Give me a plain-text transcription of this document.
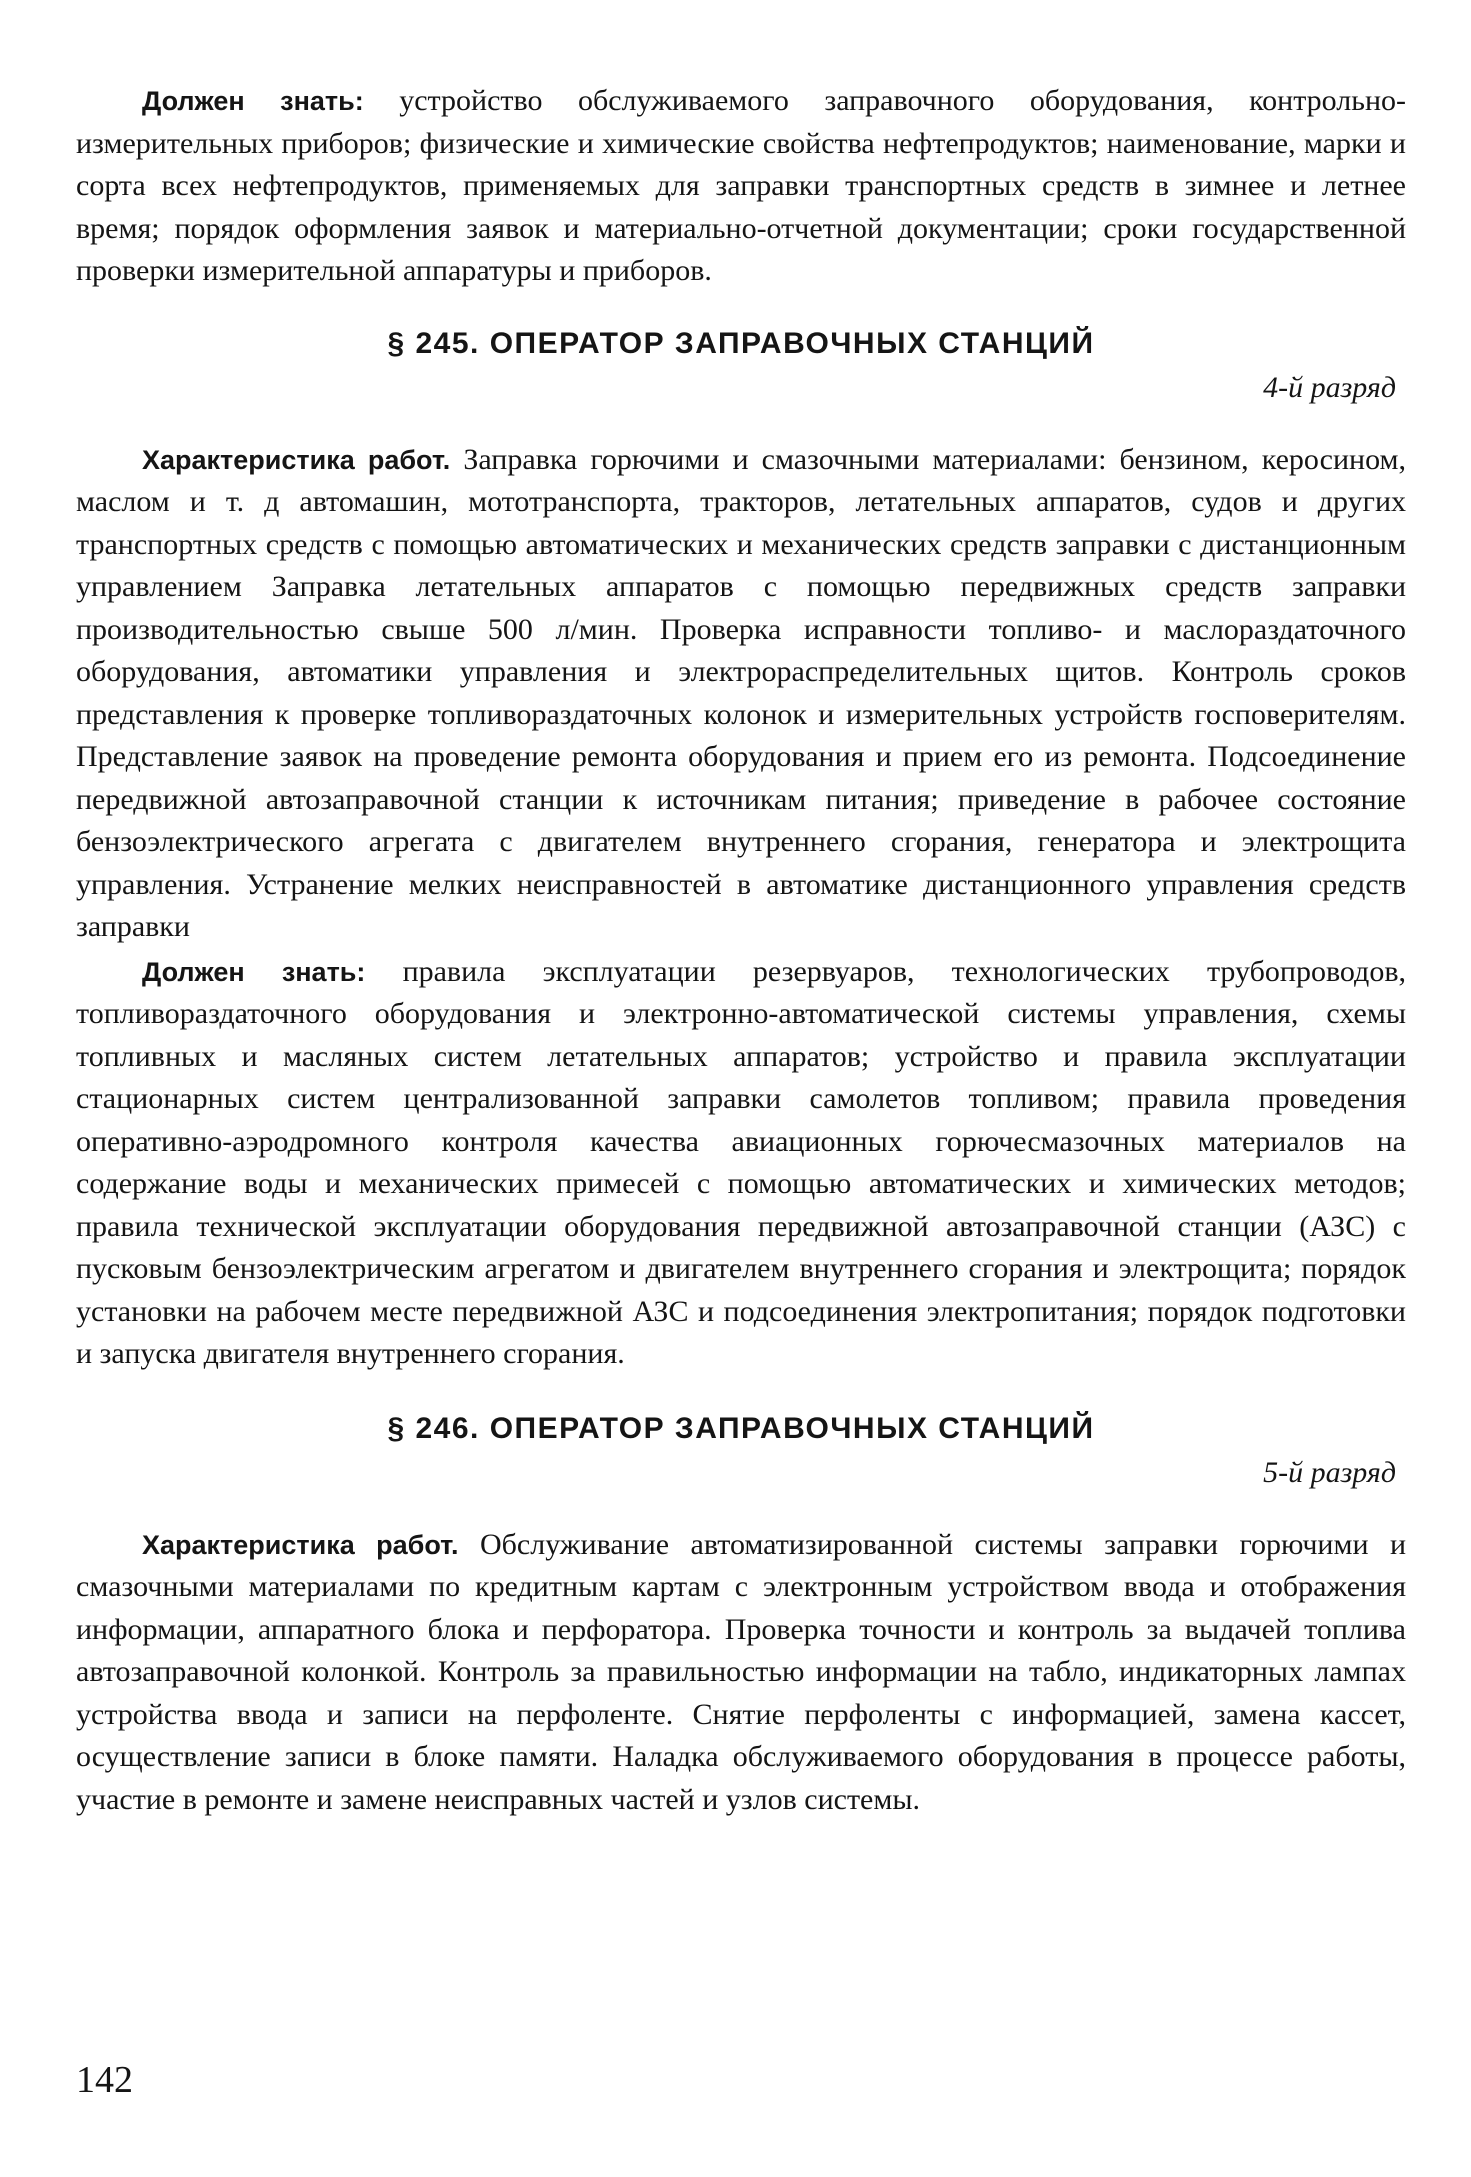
Должен знать: устройство обслуживаемого заправочного оборудования, контрольно-измерительных приборов; физические и химические свойства нефтепродуктов; наименование, марки и сорта всех нефтепродуктов, применяемых для заправки транспортных средств в зимнее и летнее время; порядок оформления заявок и материально-отчетной документации; сроки государственной проверки измерительной аппаратуры и приборов.

§ 245. ОПЕРАТОР ЗАПРАВОЧНЫХ СТАНЦИЙ

4-й разряд

Характеристика работ. Заправка горючими и смазочными материалами: бензином, керосином, маслом и т. д автомашин, мототранспорта, тракторов, летательных аппаратов, судов и других транспортных средств с помощью автоматических и механических средств заправки с дистанционным управлением Заправка летательных аппаратов с помощью передвижных средств заправки производительностью свыше 500 л/мин. Проверка исправности топливо- и маслораздаточного оборудования, автоматики управления и электрораспределительных щитов. Контроль сроков представления к проверке топливораздаточных колонок и измерительных устройств госповерителям. Представление заявок на проведение ремонта оборудования и прием его из ремонта. Подсоединение передвижной автозаправочной станции к источникам питания; приведение в рабочее состояние бензоэлектрического агрегата с двигателем внутреннего сгорания, генератора и электрощита управления. Устранение мелких неисправностей в автоматике дистанционного управления средств заправки

Должен знать: правила эксплуатации резервуаров, технологических трубопроводов, топливораздаточного оборудования и электронно-автоматической системы управления, схемы топливных и масляных систем летательных аппаратов; устройство и правила эксплуатации стационарных систем централизованной заправки самолетов топливом; правила проведения оперативно-аэродромного контроля качества авиационных горючесмазочных материалов на содержание воды и механических примесей с помощью автоматических и химических методов; правила технической эксплуатации оборудования передвижной автозаправочной станции (АЗС) с пусковым бензоэлектрическим агрегатом и двигателем внутреннего сгорания и электрощита; порядок установки на рабочем месте передвижной АЗС и подсоединения электропитания; порядок подготовки и запуска двигателя внутреннего сгорания.

§ 246. ОПЕРАТОР ЗАПРАВОЧНЫХ СТАНЦИЙ

5-й разряд

Характеристика работ. Обслуживание автоматизированной системы заправки горючими и смазочными материалами по кредитным картам с электронным устройством ввода и отображения информации, аппаратного блока и перфоратора. Проверка точности и контроль за выдачей топлива автозаправочной колонкой. Контроль за правильностью информации на табло, индикаторных лампах устройства ввода и записи на перфоленте. Снятие перфоленты с информацией, замена кассет, осуществление записи в блоке памяти. Наладка обслуживаемого оборудования в процессе работы, участие в ремонте и замене неисправных частей и узлов системы.

142
